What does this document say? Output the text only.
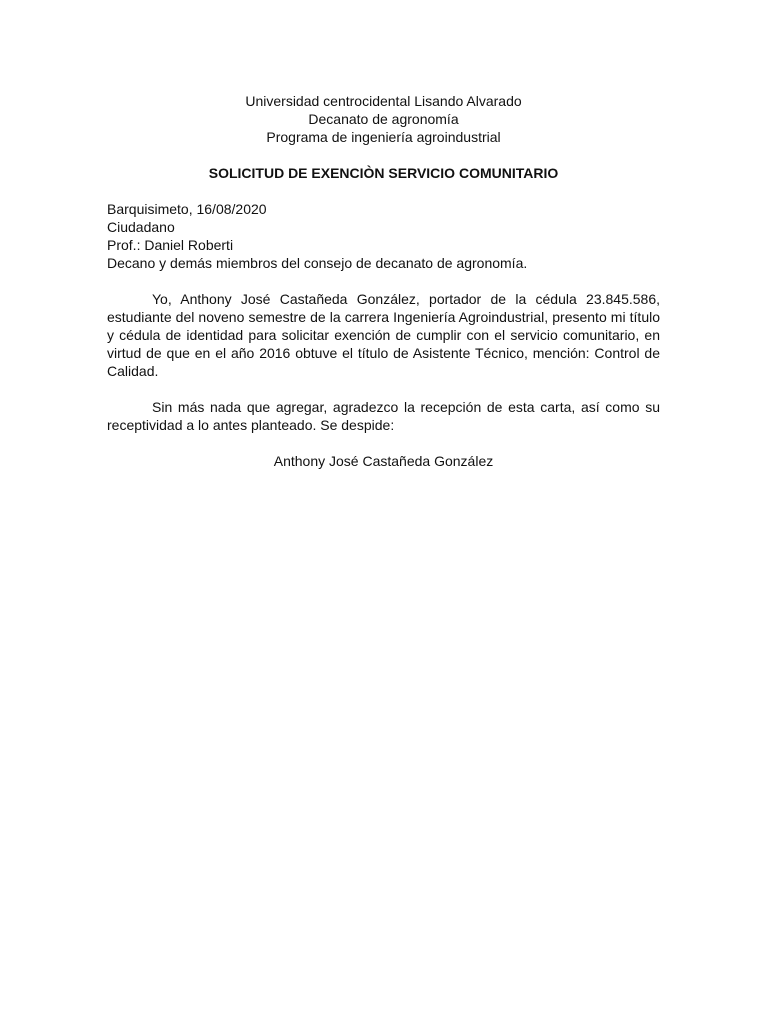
Universidad centrocidental Lisando Alvarado
Decanato de agronomía
Programa de ingeniería agroindustrial
SOLICITUD DE EXENCIÒN SERVICIO COMUNITARIO
Barquisimeto, 16/08/2020
Ciudadano
Prof.: Daniel Roberti
Decano y demás miembros del consejo de decanato de agronomía.

Yo, Anthony José Castañeda González, portador de la cédula 23.845.586, estudiante del noveno semestre de la carrera Ingeniería Agroindustrial, presento mi título y cédula de identidad para solicitar exención de cumplir con el servicio comunitario, en virtud de que en el año 2016 obtuve el título de Asistente Técnico, mención: Control de Calidad.

Sin más nada que agregar, agradezco la recepción de esta carta, así como su receptividad a lo antes planteado. Se despide:

Anthony José Castañeda González
